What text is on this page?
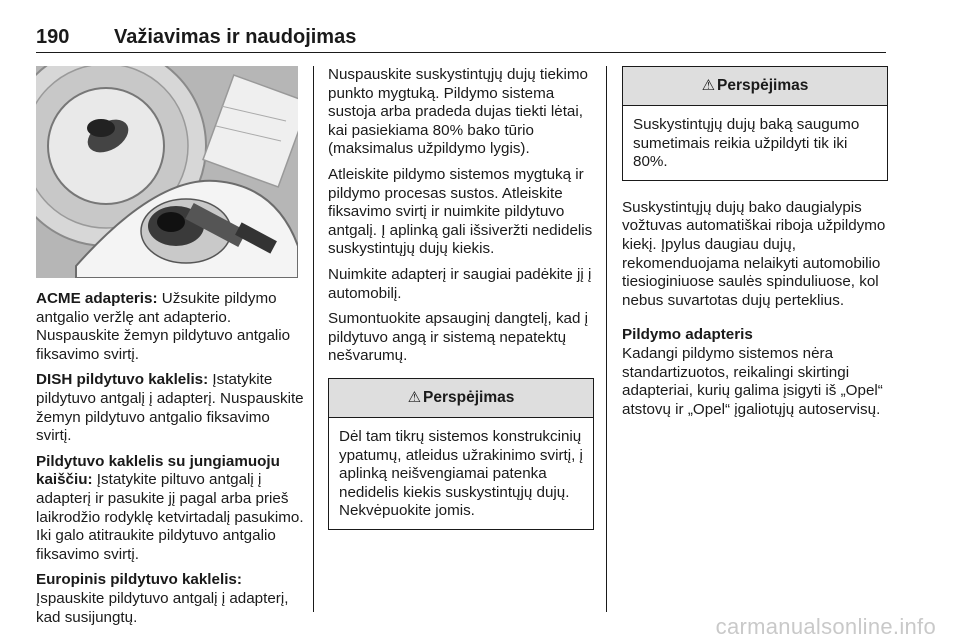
190 Važiavimas ir naudojimas

ACME adapteris: Užsukite pildymo antgalio veržlę ant adapterio. Nuspauskite žemyn pildytuvo antgalio fiksavimo svirtį.

DISH pildytuvo kaklelis: Įstatykite pildytuvo antgalį į adapterį. Nuspauskite žemyn pildytuvo antgalio fiksavimo svirtį.

Pildytuvo kaklelis su jungiamuoju kaiščiu: Įstatykite piltuvo antgalį į adapterį ir pasukite jį pagal arba prieš laikrodžio rodyklę ketvirtadalį pasukimo. Iki galo atitraukite pildytuvo antgalio fiksavimo svirtį.

Europinis pildytuvo kaklelis:
Įspauskite pildytuvo antgalį į adapterį, kad susijungtų.

Nuspauskite suskystintųjų dujų tiekimo punkto mygtuką. Pildymo sistema sustoja arba pradeda dujas tiekti lėtai, kai pasiekiama 80% bako tūrio (maksimalus užpildymo lygis).

Atleiskite pildymo sistemos mygtuką ir pildymo procesas sustos. Atleiskite fiksavimo svirtį ir nuimkite pildytuvo antgalį. Į aplinką gali išsiveržti nedidelis suskystintųjų dujų kiekis.

Nuimkite adapterį ir saugiai padėkite jį į automobilį.

Sumontuokite apsauginį dangtelį, kad į pildytuvo angą ir sistemą nepatektų nešvarumų.

⚠ Perspėjimas
Dėl tam tikrų sistemos konstrukcinių ypatumų, atleidus užrakinimo svirtį, į aplinką neišvengiamai patenka nedidelis kiekis suskystintųjų dujų. Nekvėpuokite jomis.
⚠ Perspėjimas
Suskystintųjų dujų baką saugumo sumetimais reikia užpildyti tik iki 80%.

Suskystintųjų dujų bako daugialypis vožtuvas automatiškai riboja užpildymo kiekį. Įpylus daugiau dujų, rekomenduojama nelaikyti automobilio tiesioginiuose saulės spinduliuose, kol nebus suvartotas dujų perteklius.

Pildymo adapteris

Kadangi pildymo sistemos nėra standartizuotos, reikalingi skirtingi adapteriai, kurių galima įsigyti iš „Opel“ atstovų ir „Opel“ įgaliotųjų autoservisų.

carmanualsonline.info
